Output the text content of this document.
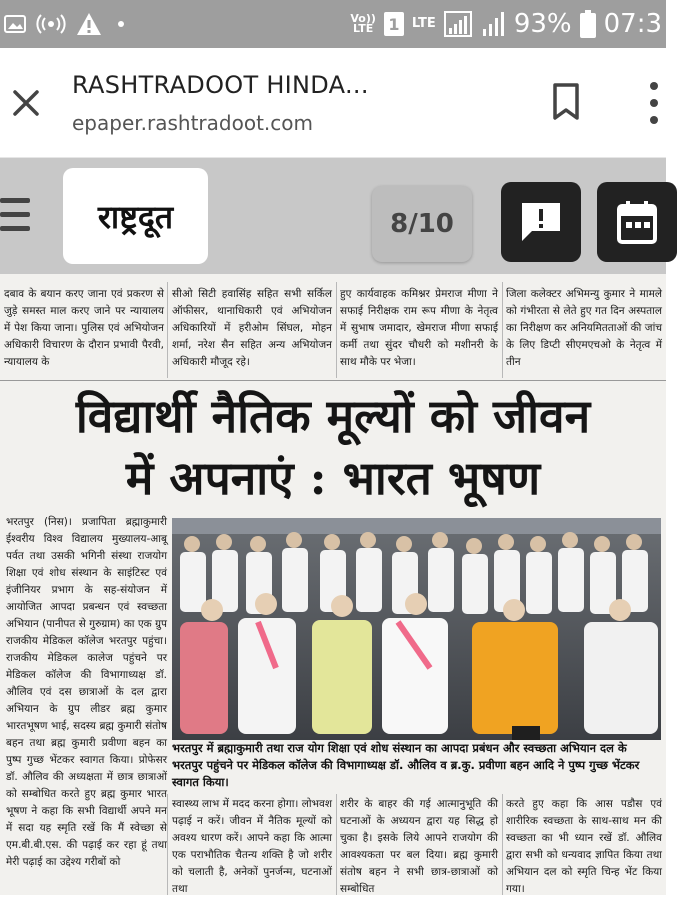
Vo))
LTE 1 LTE	93% 07:3
RASHTRADOOT HINDA...
epaper.rashtradoot.com
राष्ट्रदूत
दबाव के बयान करए जाना एवं प्रकरण से जुड़े समस्त माल करए जाने पर न्यायालय में पेश किया जाना। पुलिस एवं अभियोजन अधिकारी विचारण के दौरान प्रभावी पैरवी, न्यायालय के
सीओ सिटी हवासिंह सहित सभी सर्किल ऑफीसर, थानाधिकारी एवं अभियोजन अधिकारियों में हरीओम सिंघल, मोहन शर्मा, नरेश सैन सहित अन्य अभियोजन अधिकारी मौजूद रहे।
हुए कार्यवाहक कमिश्नर प्रेमराज मीणा ने सफाई निरीक्षक राम रूप मीणा के नेतृत्व में सुभाष जमादार, खेमराज मीणा सफाई कर्मी तथा सुंदर चौधरी को मशीनरी के साथ मौके पर भेजा।
जिला कलेक्टर अभिमन्यु कुमार ने मामले को गंभीरता से लेते हुए गत दिन अस्पताल का निरीक्षण कर अनियमितताओं की जांच के लिए डिप्टी सीएमएचओ के नेतृत्व में तीन
विद्यार्थी नैतिक मूल्यों को जीवन
में अपनाएं : भारत भूषण
भरतपुर (निस)। प्रजापिता ब्रह्माकुमारी ईश्वरीय विश्व विद्यालय मुख्यालय-आबू पर्वत तथा उसकी भगिनी संस्था राजयोग शिक्षा एवं शोध संस्थान के साइंटिस्ट एवं इंजीनियर प्रभाग के सह-संयोजन में आयोजित आपदा प्रबन्धन एवं स्वच्छता अभियान (पानीपत से गुरुग्राम) का एक ग्रुप राजकीय मेडिकल कॉलेज भरतपुर पहुंचा। राजकीय मेडिकल कालेज पहुंचने पर मेडिकल कॉलेज की विभागाध्यक्ष डॉ. औलिव एवं दस छात्राओं के दल द्वारा अभियान के ग्रुप लीडर ब्रह्म कुमार भारतभूषण भाई, सदस्य ब्रह्म कुमारी संतोष बहन तथा ब्रह्म कुमारी प्रवीणा बहन का पुष्प गुच्छ भेंटकर स्वागत किया। प्रोफेसर डॉ. औलिव की अध्यक्षता में छात्र छात्राओं को सम्बोधित करते हुए ब्रह्म कुमार भारत भूषण ने कहा कि सभी विद्यार्थी अपने मन में सदा यह स्मृति रखें कि मैं स्वेच्छा से एम.बी.बी.एस. की पढ़ाई कर रहा हूं तथा मेरी पढ़ाई का उद्देश्य गरीबों को
भरतपुर में ब्रह्माकुमारी तथा राज योग शिक्षा एवं शोध संस्थान का आपदा प्रबंधन और स्वच्छता अभियान दल के भरतपुर पहुंचने पर मेडिकल कॉलेज की विभागाध्यक्ष डॉ. औलिव व ब्र.कु. प्रवीणा बहन आदि ने पुष्प गुच्छ भेंटकर स्वागत किया।
स्वास्थ्य लाभ में मदद करना होगा। लोभवश पढ़ाई न करें। जीवन में नैतिक मूल्यों को अवश्य धारण करें। आपने कहा कि आत्मा एक पराभौतिक चैतन्य शक्ति है जो शरीर को चलाती है, अनेकों पुनर्जन्म, घटनाओं तथा
शरीर के बाहर की गई आत्मानुभूति की घटनाओं के अध्ययन द्वारा यह सिद्ध हो चुका है। इसके लिये आपने राजयोग की आवश्यकता पर बल दिया। ब्रह्म कुमारी संतोष बहन ने सभी छात्र-छात्राओं को सम्बोधित
करते हुए कहा कि आस पडौस एवं शारीरिक स्वच्छता के साथ-साथ मन की स्वच्छता का भी ध्यान रखें डॉ. औलिव द्वारा सभी को धन्यवाद ज्ञापित किया तथा अभियान दल को स्मृति चिन्ह भेंट किया गया।
8/10
